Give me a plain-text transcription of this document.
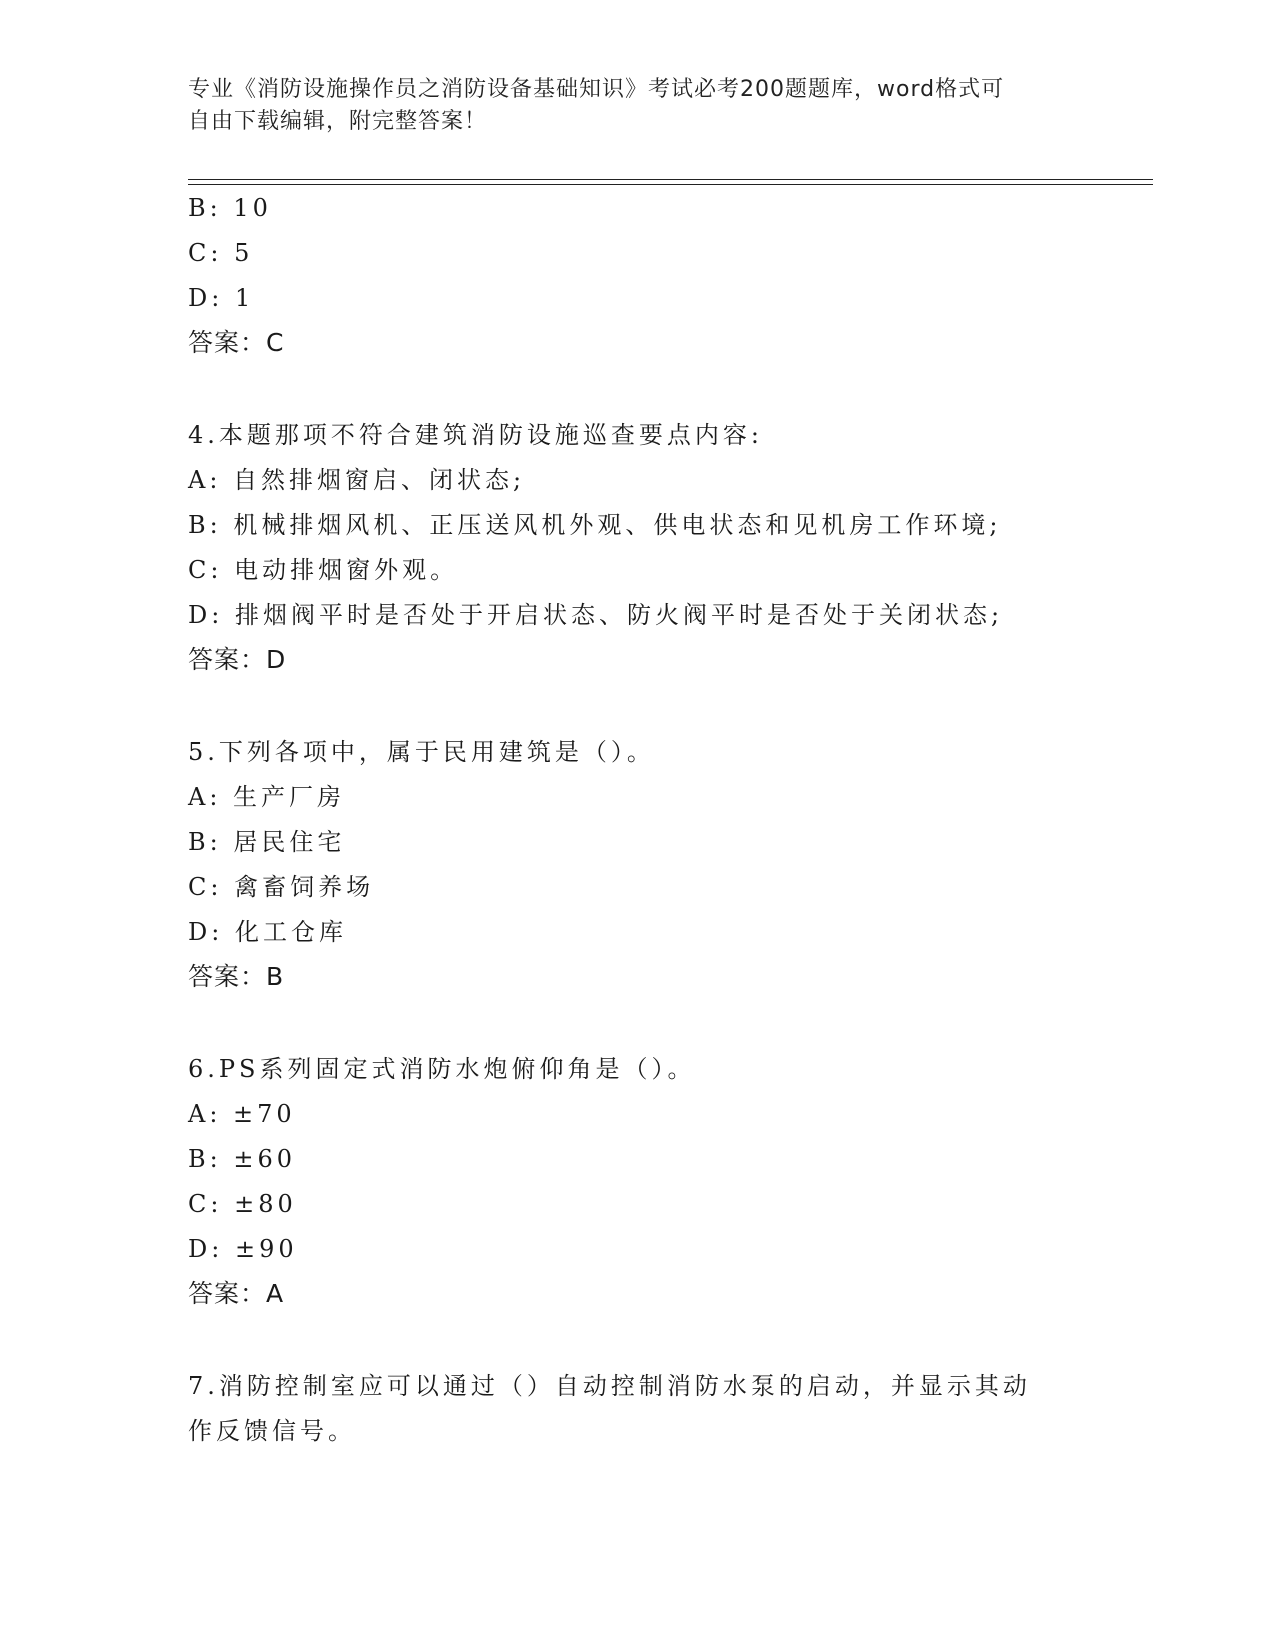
专业《消防设施操作员之消防设备基础知识》考试必考200题题库，word格式可
自由下载编辑，附完整答案！
B: 10
C: 5
D: 1
答案：C
4.本题那项不符合建筑消防设施巡查要点内容:
A: 自然排烟窗启、闭状态;
B: 机械排烟风机、正压送风机外观、供电状态和见机房工作环境;
C: 电动排烟窗外观。
D: 排烟阀平时是否处于开启状态、防火阀平时是否处于关闭状态;
答案：D
5.下列各项中，属于民用建筑是（）。
A: 生产厂房
B: 居民住宅
C: 禽畜饲养场
D: 化工仓库
答案：B
6.PS系列固定式消防水炮俯仰角是（）。
A: ±70
B: ±60
C: ±80
D: ±90
答案：A
7.消防控制室应可以通过（）自动控制消防水泵的启动，并显示其动
作反馈信号。
